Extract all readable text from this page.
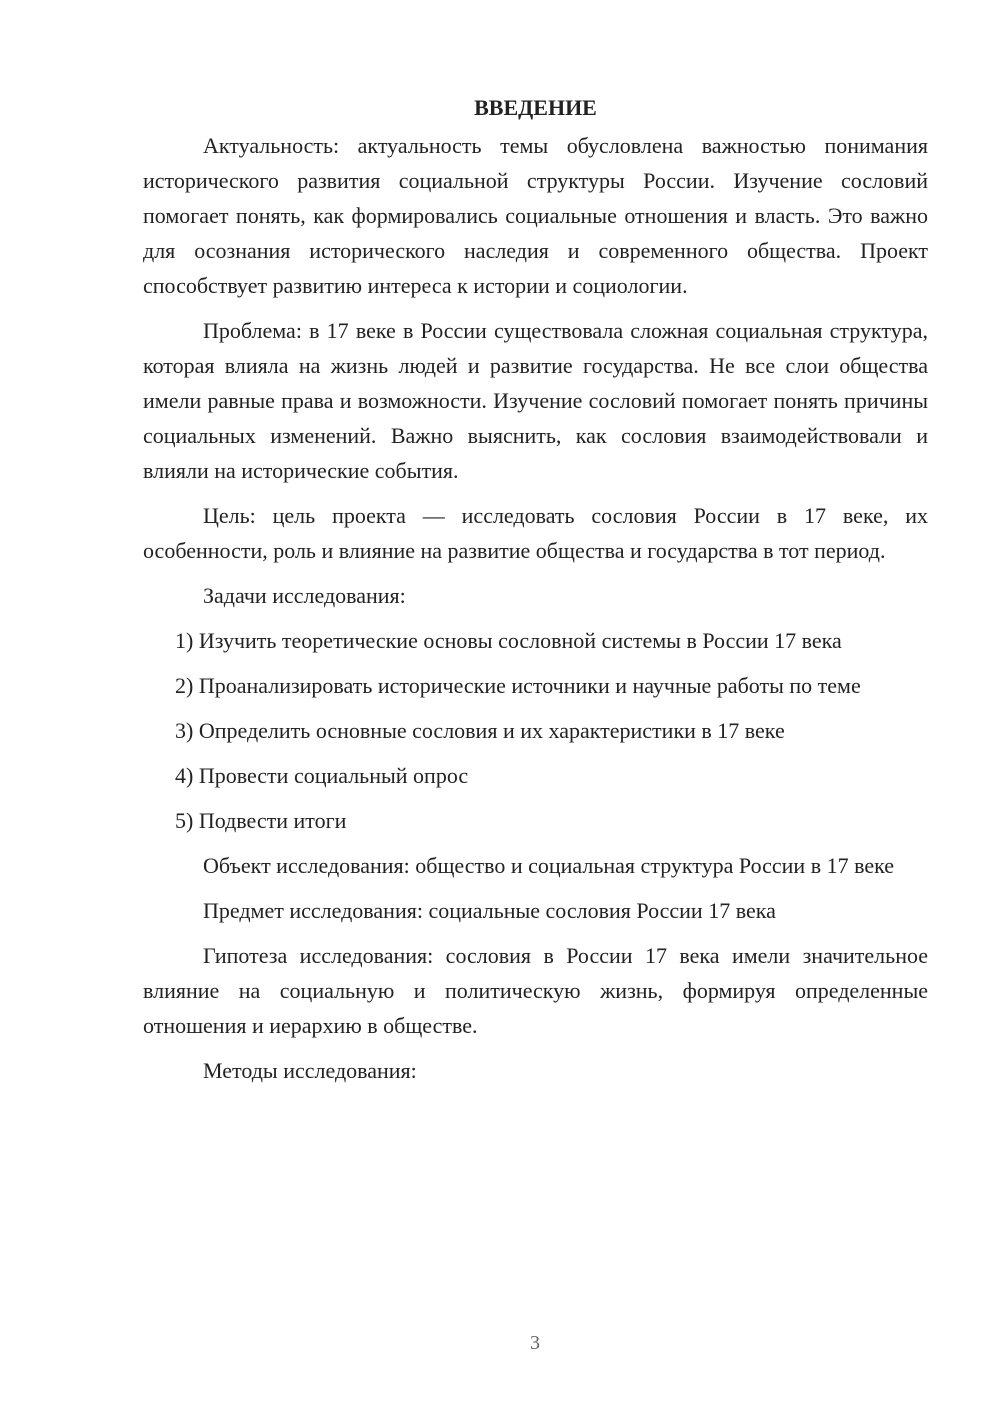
ВВЕДЕНИЕ

Актуальность: актуальность темы обусловлена важностью понимания исторического развития социальной структуры России. Изучение сословий помогает понять, как формировались социальные отношения и власть. Это важно для осознания исторического наследия и современного общества. Проект способствует развитию интереса к истории и социологии.

Проблема: в 17 веке в России существовала сложная социальная структура, которая влияла на жизнь людей и развитие государства. Не все слои общества имели равные права и возможности. Изучение сословий помогает понять причины социальных изменений. Важно выяснить, как сословия взаимодействовали и влияли на исторические события.

Цель: цель проекта — исследовать сословия России в 17 веке, их особенности, роль и влияние на развитие общества и государства в тот период.

Задачи исследования:

1) Изучить теоретические основы сословной системы в России 17 века

2) Проанализировать исторические источники и научные работы по теме

3) Определить основные сословия и их характеристики в 17 веке

4) Провести социальный опрос

5) Подвести итоги

Объект исследования: общество и социальная структура России в 17 веке

Предмет исследования: социальные сословия России 17 века

Гипотеза исследования: сословия в России 17 века имели значительное влияние на социальную и политическую жизнь, формируя определенные отношения и иерархию в обществе.

Методы исследования:

3
